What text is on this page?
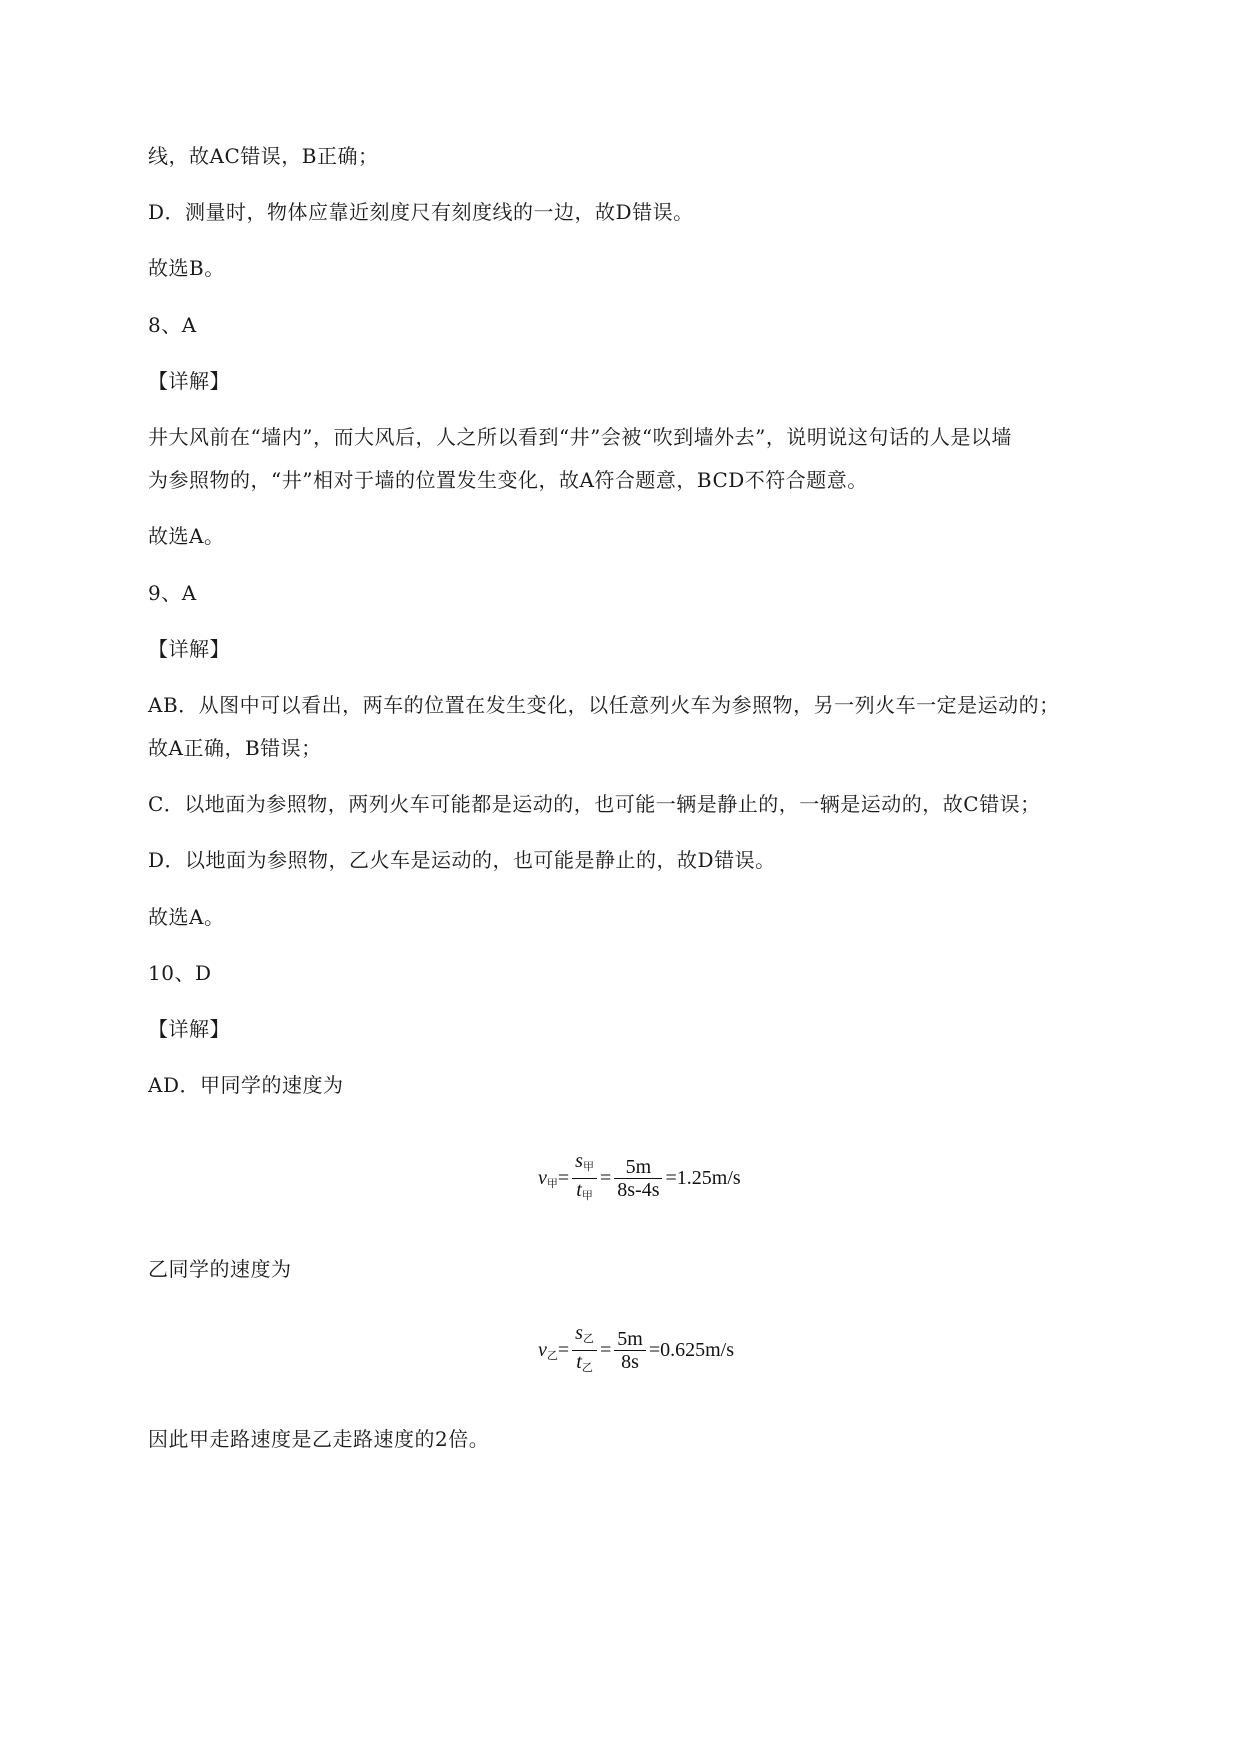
线，故AC错误，B正确；
D．测量时，物体应靠近刻度尺有刻度线的一边，故D错误。
故选B。
8、A
【详解】
井大风前在“墙内”，而大风后，人之所以看到“井”会被“吹到墙外去”，说明说这句话的人是以墙
为参照物的，“井”相对于墙的位置发生变化，故A符合题意，BCD不符合题意。
故选A。
9、A
【详解】
AB．从图中可以看出，两车的位置在发生变化，以任意列火车为参照物，另一列火车一定是运动的；
故A正确，B错误；
C．以地面为参照物，两列火车可能都是运动的，也可能一辆是静止的，一辆是运动的，故C错误；
D．以地面为参照物，乙火车是运动的，也可能是静止的，故D错误。
故选A。
10、D
【详解】
AD．甲同学的速度为
$v_甲= \frac{s_甲}{t_甲} = \frac{5m}{8s-4s} =1.25m/s$
乙同学的速度为
$v_乙= \frac{s_乙}{t_乙} = \frac{5m}{8s} =0.625m/s$
因此甲走路速度是乙走路速度的2倍。
